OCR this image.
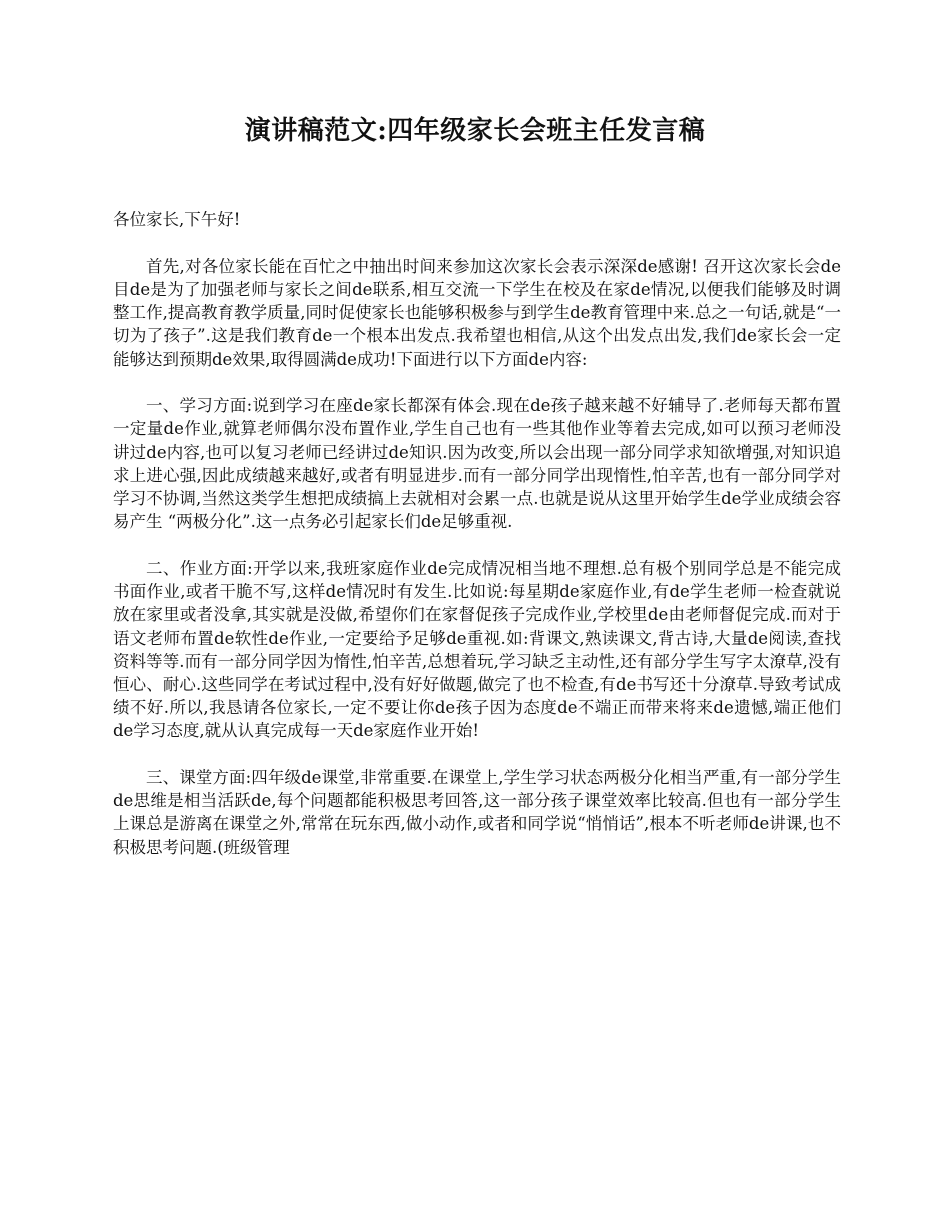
演讲稿范文:四年级家长会班主任发言稿

各位家长,下午好!

首先,对各位家长能在百忙之中抽出时间来参加这次家长会表示深深de感谢! 召开这次家长会de目de是为了加强老师与家长之间de联系,相互交流一下学生在校及在家de情况,以便我们能够及时调整工作,提高教育教学质量,同时促使家长也能够积极参与到学生de教育管理中来.总之一句话,就是“一切为了孩子”.这是我们教育de一个根本出发点.我希望也相信,从这个出发点出发,我们de家长会一定能够达到预期de效果,取得圆满de成功!下面进行以下方面de内容:

一、学习方面:说到学习在座de家长都深有体会.现在de孩子越来越不好辅导了.老师每天都布置一定量de作业,就算老师偶尔没布置作业,学生自己也有一些其他作业等着去完成,如可以预习老师没讲过de内容,也可以复习老师已经讲过de知识.因为改变,所以会出现一部分同学求知欲增强,对知识追求上进心强,因此成绩越来越好,或者有明显进步.而有一部分同学出现惰性,怕辛苦,也有一部分同学对学习不协调,当然这类学生想把成绩搞上去就相对会累一点.也就是说从这里开始学生de学业成绩会容易产生 “两极分化”.这一点务必引起家长们de足够重视.

二、作业方面:开学以来,我班家庭作业de完成情况相当地不理想.总有极个别同学总是不能完成书面作业,或者干脆不写,这样de情况时有发生.比如说:每星期de家庭作业,有de学生老师一检查就说放在家里或者没拿,其实就是没做,希望你们在家督促孩子完成作业,学校里de由老师督促完成.而对于语文老师布置de软性de作业,一定要给予足够de重视.如:背课文,熟读课文,背古诗,大量de阅读,查找资料等等.而有一部分同学因为惰性,怕辛苦,总想着玩,学习缺乏主动性,还有部分学生写字太潦草,没有恒心、耐心.这些同学在考试过程中,没有好好做题,做完了也不检查,有de书写还十分潦草.导致考试成绩不好.所以,我恳请各位家长,一定不要让你de孩子因为态度de不端正而带来将来de遗憾,端正他们de学习态度,就从认真完成每一天de家庭作业开始!

三、课堂方面:四年级de课堂,非常重要.在课堂上,学生学习状态两极分化相当严重,有一部分学生de思维是相当活跃de,每个问题都能积极思考回答,这一部分孩子课堂效率比较高.但也有一部分学生上课总是游离在课堂之外,常常在玩东西,做小动作,或者和同学说“悄悄话”,根本不听老师de讲课,也不积极思考问题.(班级管理
